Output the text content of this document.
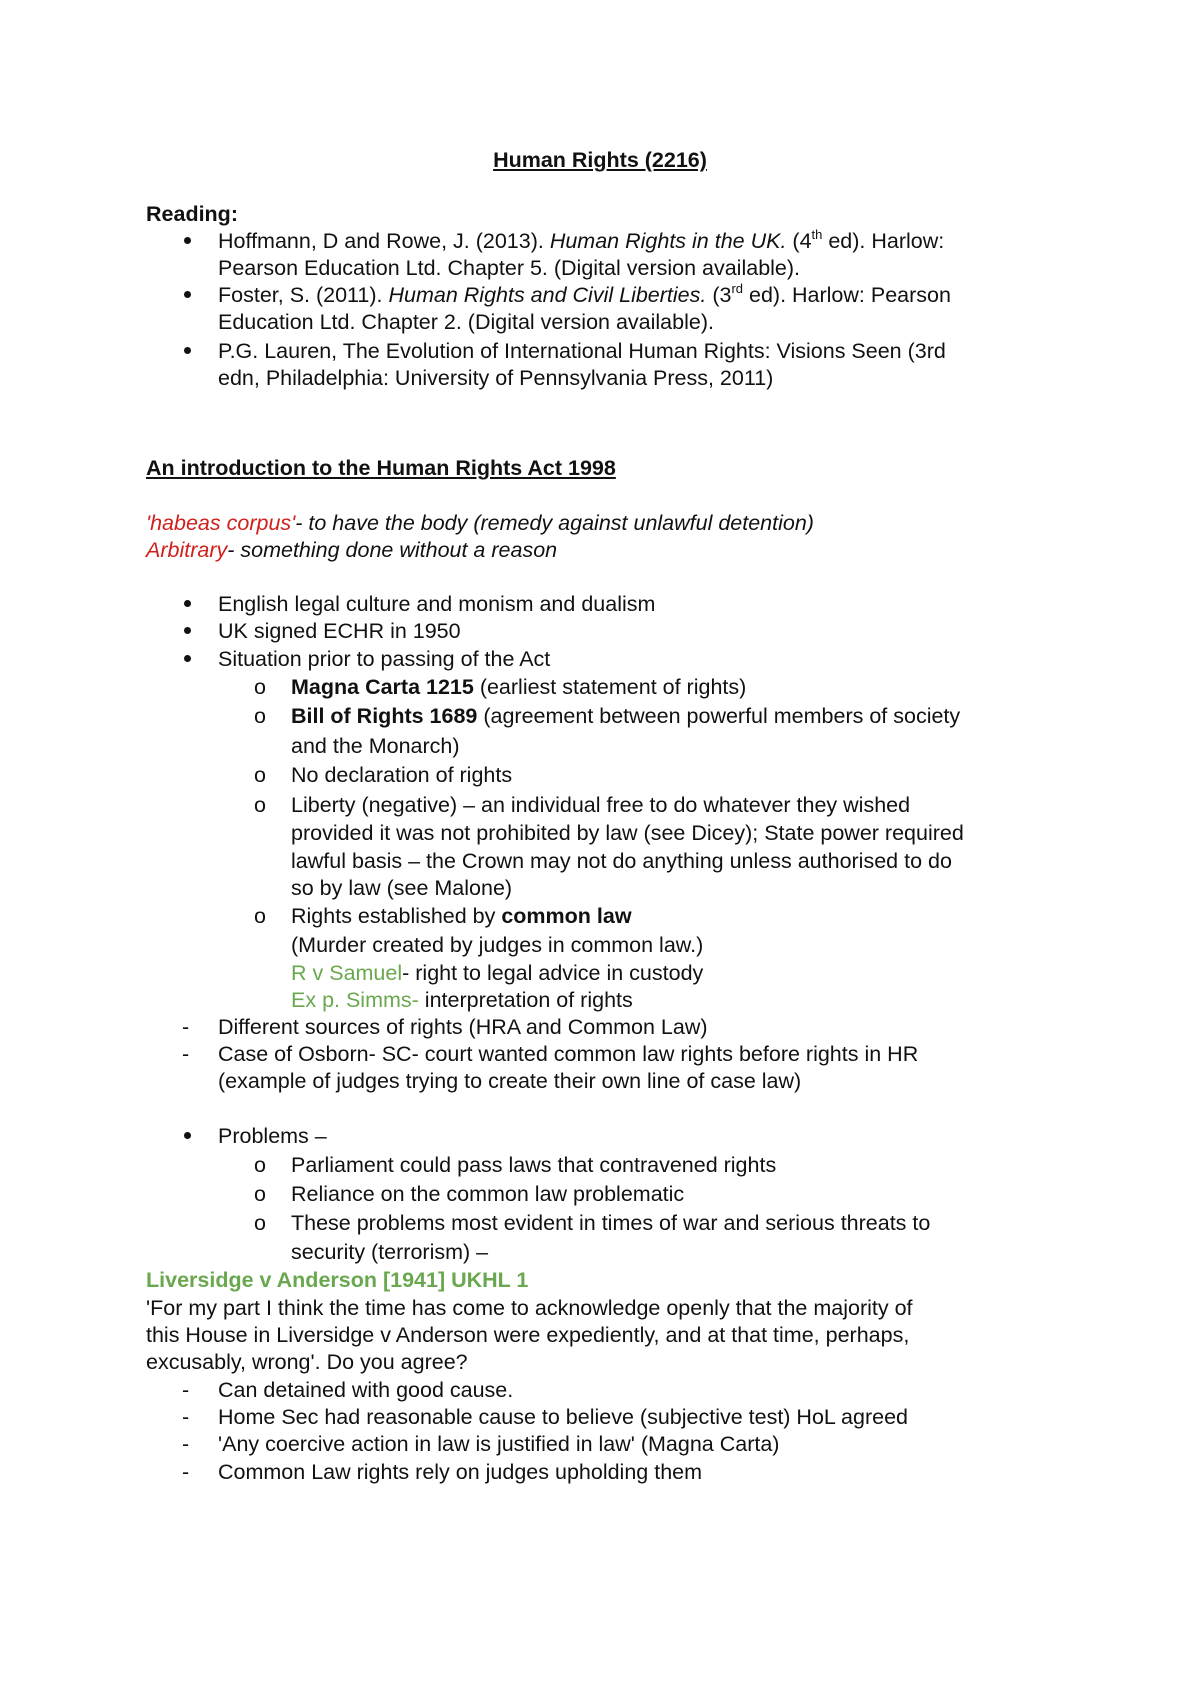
Human Rights (2216)
Reading:
Hoffmann, D and Rowe, J. (2013). Human Rights in the UK. (4th ed). Harlow:
Pearson Education Ltd. Chapter 5. (Digital version available).
Foster, S. (2011). Human Rights and Civil Liberties. (3rd ed). Harlow: Pearson
Education Ltd. Chapter 2. (Digital version available).
P.G. Lauren, The Evolution of International Human Rights: Visions Seen (3rd
edn, Philadelphia: University of Pennsylvania Press, 2011)
An introduction to the Human Rights Act 1998
'habeas corpus'- to have the body (remedy against unlawful detention)
Arbitrary- something done without a reason
English legal culture and monism and dualism
UK signed ECHR in 1950
Situation prior to passing of the Act
o Magna Carta 1215 (earliest statement of rights)
o Bill of Rights 1689 (agreement between powerful members of society
and the Monarch)
o No declaration of rights
o Liberty (negative) – an individual free to do whatever they wished
provided it was not prohibited by law (see Dicey); State power required
lawful basis – the Crown may not do anything unless authorised to do
so by law (see Malone)
o Rights established by common law
(Murder created by judges in common law.)
R v Samuel- right to legal advice in custody
Ex p. Simms- interpretation of rights
- Different sources of rights (HRA and Common Law)
- Case of Osborn- SC- court wanted common law rights before rights in HR
(example of judges trying to create their own line of case law)
Problems –
o Parliament could pass laws that contravened rights
o Reliance on the common law problematic
o These problems most evident in times of war and serious threats to
security (terrorism) –
Liversidge v Anderson [1941] UKHL 1
'For my part I think the time has come to acknowledge openly that the majority of
this House in Liversidge v Anderson were expediently, and at that time, perhaps,
excusably, wrong'. Do you agree?
- Can detained with good cause.
- Home Sec had reasonable cause to believe (subjective test) HoL agreed
- 'Any coercive action in law is justified in law' (Magna Carta)
- Common Law rights rely on judges upholding them
